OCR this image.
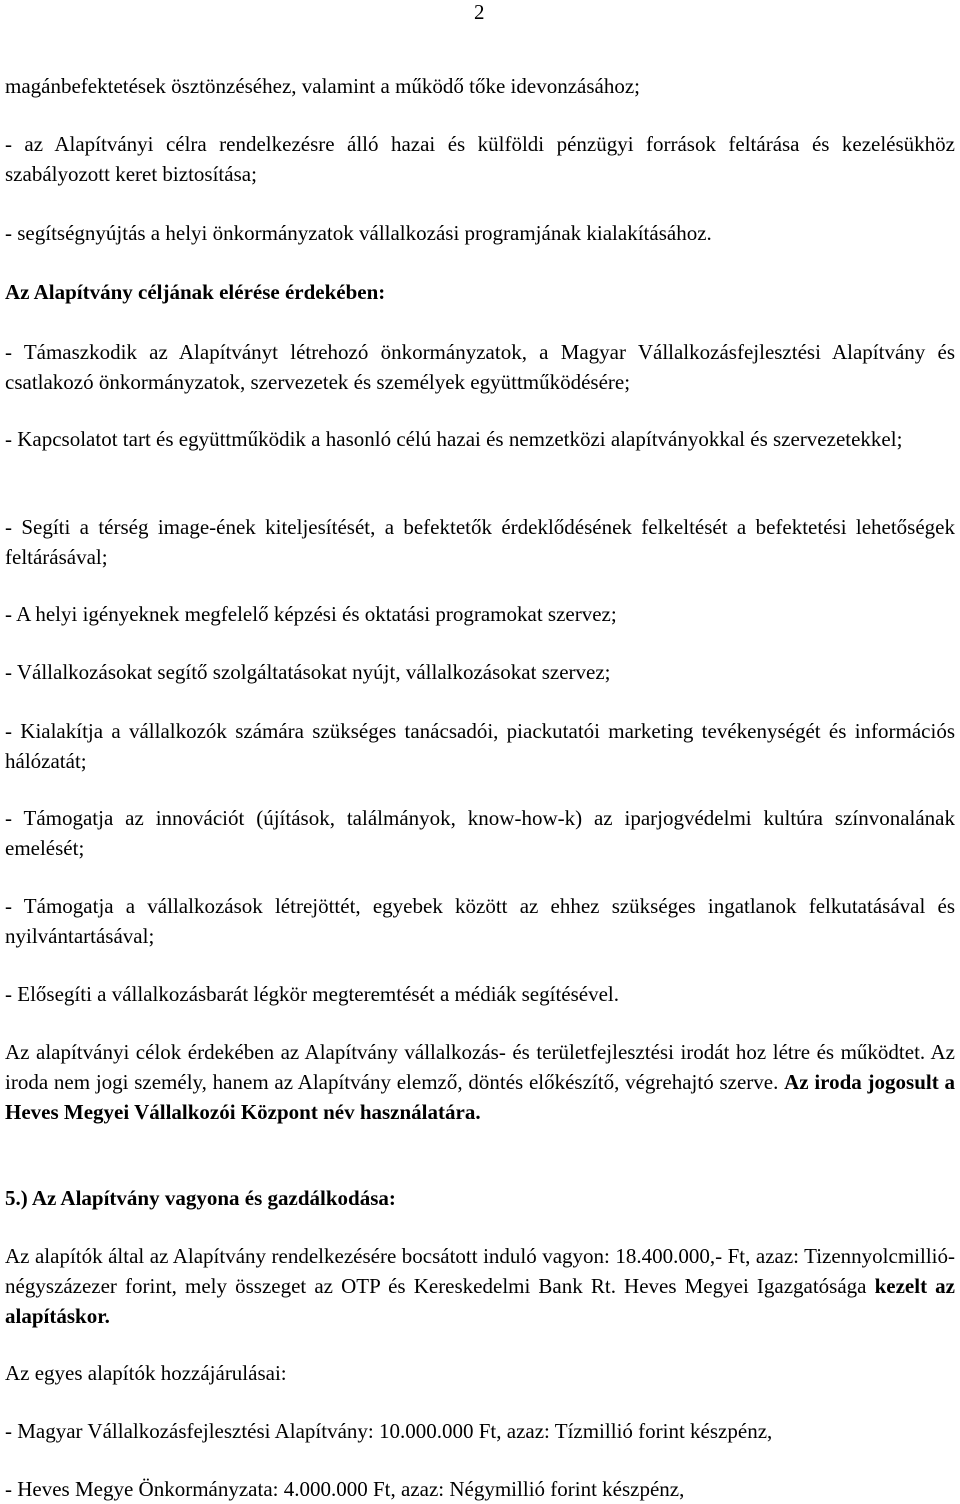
2

magánbefektetések ösztönzéséhez, valamint a működő tőke idevonzásához;

- az Alapítványi célra rendelkezésre álló hazai és külföldi pénzügyi források feltárása és kezelésükhöz szabályozott keret biztosítása;

- segítségnyújtás a helyi önkormányzatok vállalkozási programjának kialakításához.

Az Alapítvány céljának elérése érdekében:

- Támaszkodik az Alapítványt létrehozó önkormányzatok, a Magyar Vállalkozásfejlesztési Alapítvány és csatlakozó önkormányzatok, szervezetek és személyek együttműködésére;

- Kapcsolatot tart és együttműködik a hasonló célú hazai és nemzetközi alapítványokkal és szervezetekkel;

- Segíti a térség image-ének kiteljesítését, a befektetők érdeklődésének felkeltését a befektetési lehetőségek feltárásával;

- A helyi igényeknek megfelelő képzési és oktatási programokat szervez;

- Vállalkozásokat segítő szolgáltatásokat nyújt, vállalkozásokat szervez;

- Kialakítja a vállalkozók számára szükséges tanácsadói, piackutatói marketing tevékenységét és információs hálózatát;

- Támogatja az innovációt (újítások, találmányok, know-how-k) az iparjogvédelmi kultúra színvonalának emelését;

- Támogatja a vállalkozások létrejöttét, egyebek között az ehhez szükséges ingatlanok felkutatásával és nyilvántartásával;

- Elősegíti a vállalkozásbarát légkör megteremtését a médiák segítésével.

Az alapítványi célok érdekében az Alapítvány vállalkozás- és területfejlesztési irodát hoz létre és működtet. Az iroda nem jogi személy, hanem az Alapítvány elemző, döntés előkészítő, végrehajtó szerve. Az iroda jogosult a Heves Megyei Vállalkozói Központ név használatára.

5.) Az Alapítvány vagyona és gazdálkodása:

Az alapítók által az Alapítvány rendelkezésére bocsátott induló vagyon: 18.400.000,- Ft, azaz: Tizennyolcmillió-négyszázezer forint, mely összeget az OTP és Kereskedelmi Bank Rt. Heves Megyei Igazgatósága kezelt az alapításkor.

Az egyes alapítók hozzájárulásai:

- Magyar Vállalkozásfejlesztési Alapítvány: 10.000.000 Ft, azaz: Tízmillió forint készpénz,

- Heves Megye Önkormányzata: 4.000.000 Ft, azaz: Négymillió forint készpénz,
